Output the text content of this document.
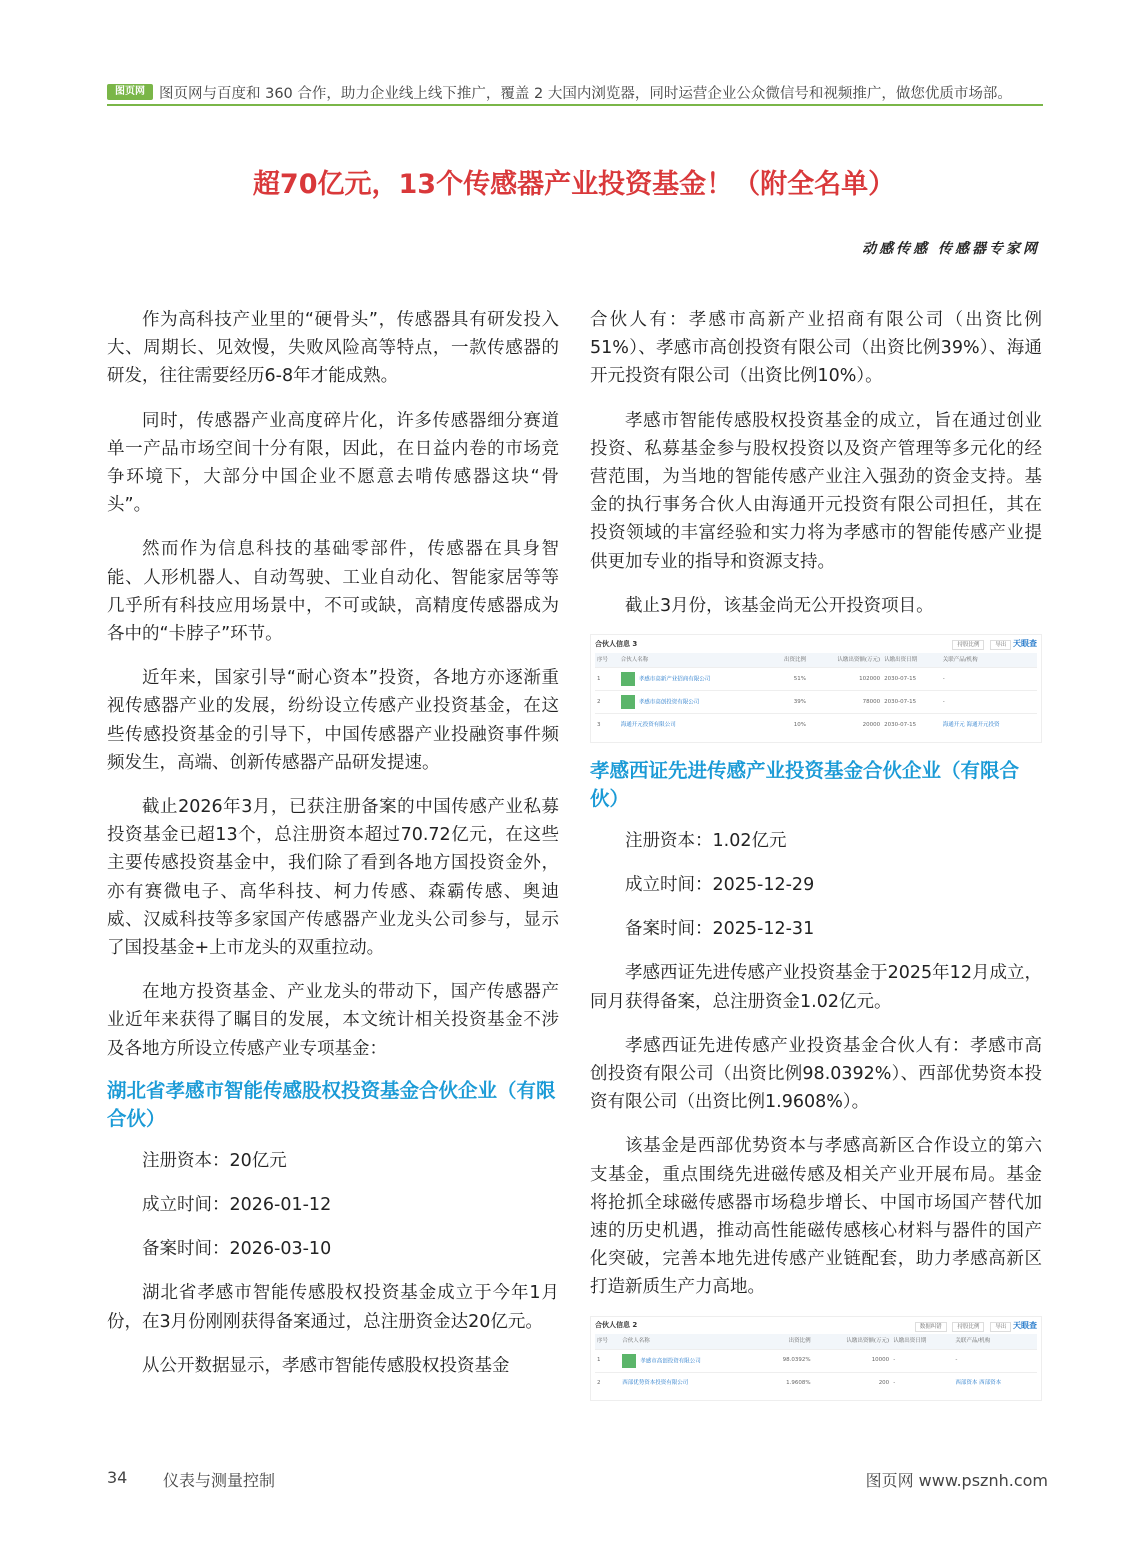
图页网 图页网与百度和 360 合作，助力企业线上线下推广，覆盖 2 大国内浏览器，同时运营企业公众微信号和视频推广，做您优质市场部。
超70亿元，13个传感器产业投资基金！（附全名单）
动感传感 传感器专家网

作为高科技产业里的“硬骨头”，传感器具有研发投入大、周期长、见效慢，失败风险高等特点，一款传感器的研发，往往需要经历6-8年才能成熟。

同时，传感器产业高度碎片化，许多传感器细分赛道单一产品市场空间十分有限，因此，在日益内卷的市场竞争环境下，大部分中国企业不愿意去啃传感器这块“骨头”。

然而作为信息科技的基础零部件，传感器在具身智能、人形机器人、自动驾驶、工业自动化、智能家居等等几乎所有科技应用场景中，不可或缺，高精度传感器成为各中的“卡脖子”环节。

近年来，国家引导“耐心资本”投资，各地方亦逐渐重视传感器产业的发展，纷纷设立传感产业投资基金，在这些传感投资基金的引导下，中国传感器产业投融资事件频频发生，高端、创新传感器产品研发提速。

截止2026年3月，已获注册备案的中国传感产业私募投资基金已超13个，总注册资本超过70.72亿元，在这些主要传感投资基金中，我们除了看到各地方国投资金外，亦有赛微电子、高华科技、柯力传感、森霸传感、奥迪威、汉威科技等多家国产传感器产业龙头公司参与，显示了国投基金+上市龙头的双重拉动。

在地方投资基金、产业龙头的带动下，国产传感器产业近年来获得了瞩目的发展，本文统计相关投资基金不涉及各地方所设立传感产业专项基金：

湖北省孝感市智能传感股权投资基金合伙企业（有限合伙）

注册资本：20亿元

成立时间：2026-01-12

备案时间：2026-03-10

湖北省孝感市智能传感股权投资基金成立于今年1月份，在3月份刚刚获得备案通过，总注册资金达20亿元。

从公开数据显示，孝感市智能传感股权投资基金

合伙人有：孝感市高新产业招商有限公司（出资比例51%）、孝感市高创投资有限公司（出资比例39%）、海通开元投资有限公司（出资比例10%）。

孝感市智能传感股权投资基金的成立，旨在通过创业投资、私募基金参与股权投资以及资产管理等多元化的经营范围，为当地的智能传感产业注入强劲的资金支持。基金的执行事务合伙人由海通开元投资有限公司担任，其在投资领域的丰富经验和实力将为孝感市的智能传感产业提供更加专业的指导和资源支持。

截止3月份，该基金尚无公开投资项目。

合伙人信息 3	持股比例	导出 天眼查
序号	合伙人名称	出资比例	认缴出资额(万元)	认缴出资日期	关联产品/机构
1	孝感市高新产业招商有限公司	51%	102000	2030-07-15	-
2	孝感市高创投资有限公司	39%	78000	2030-07-15	-
3	海通开元投资有限公司	10%	20000	2030-07-15	海通开元 海通开元投资
孝感西证先进传感产业投资基金合伙企业（有限合伙）

注册资本：1.02亿元

成立时间：2025-12-29

备案时间：2025-12-31

孝感西证先进传感产业投资基金于2025年12月成立，同月获得备案，总注册资金1.02亿元。

孝感西证先进传感产业投资基金合伙人有：孝感市高创投资有限公司（出资比例98.0392%）、西部优势资本投资有限公司（出资比例1.9608%）。

该基金是西部优势资本与孝感高新区合作设立的第六支基金，重点围绕先进磁传感及相关产业开展布局。基金将抢抓全球磁传感器市场稳步增长、中国市场国产替代加速的历史机遇，推动高性能磁传感核心材料与器件的国产化突破，完善本地先进传感产业链配套，助力孝感高新区打造新质生产力高地。

合伙人信息 2	数据纠错	持股比例	导出 天眼查
序号	合伙人名称	出资比例	认缴出资额(万元)	认缴出资日期	关联产品/机构
1	孝感市高创投资有限公司	98.0392%	10000	-	-
2	西部优势资本投资有限公司	1.9608%	200	-	西部资本 西部资本
34 仪表与测量控制	图页网 www.psznh.com
